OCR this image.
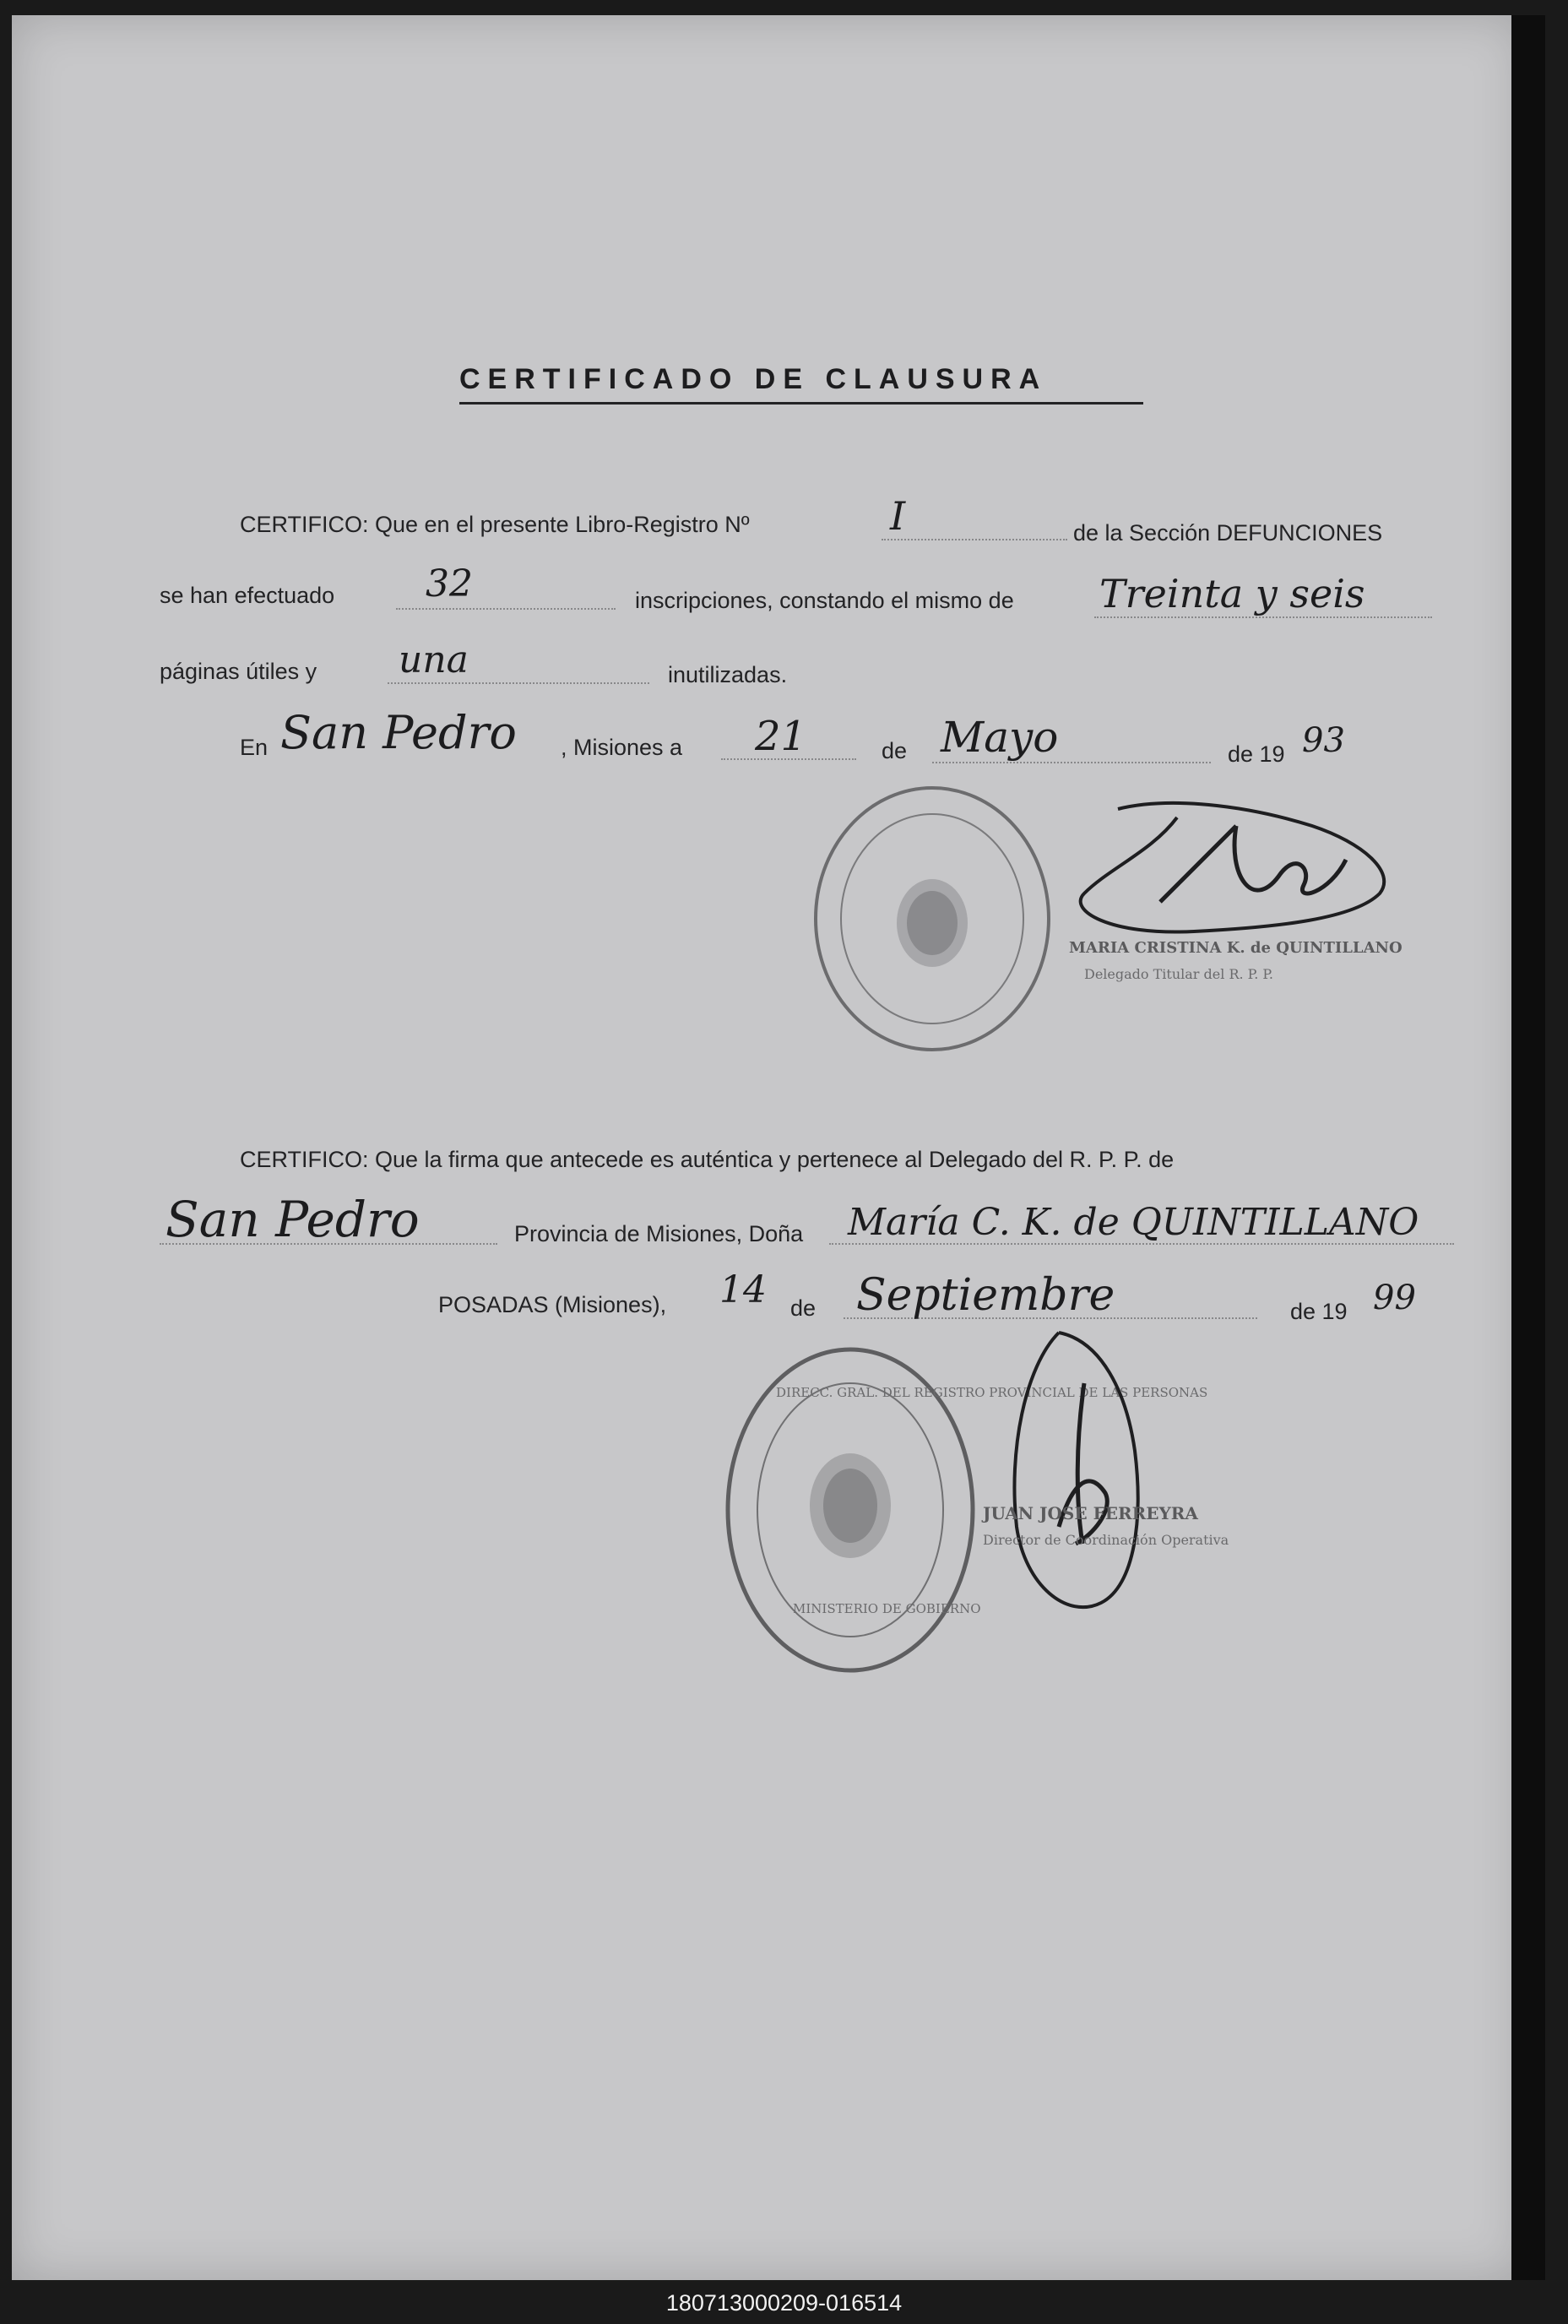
CERTIFICADO DE CLAUSURA
CERTIFICO: Que en el presente Libro-Registro Nº	I	de la Sección DEFUNCIONES
se han efectuado 32	inscripciones, constando el mismo de Treinta y seis
páginas útiles y una	inutilizadas.
En San Pedro , Misiones a 21	de Mayo	de 19 93
MARIA CRISTINA K. de QUINTILLANO
Delegado Titular del R. P. P.
CERTIFICO: Que la firma que antecede es auténtica y pertenece al Delegado del R. P. P. de
San Pedro	Provincia de Misiones, Doña María C. K. de QUINTILLANO
POSADAS (Misiones), 14 de Septiembre	de 19 99
DIRECC. GRAL. DEL REGISTRO PROVINCIAL DE LAS PERSONAS
MINISTERIO DE GOBIERNO
JUAN JOSE FERREYRA
Director de Coordinación Operativa
180713000209-016514
